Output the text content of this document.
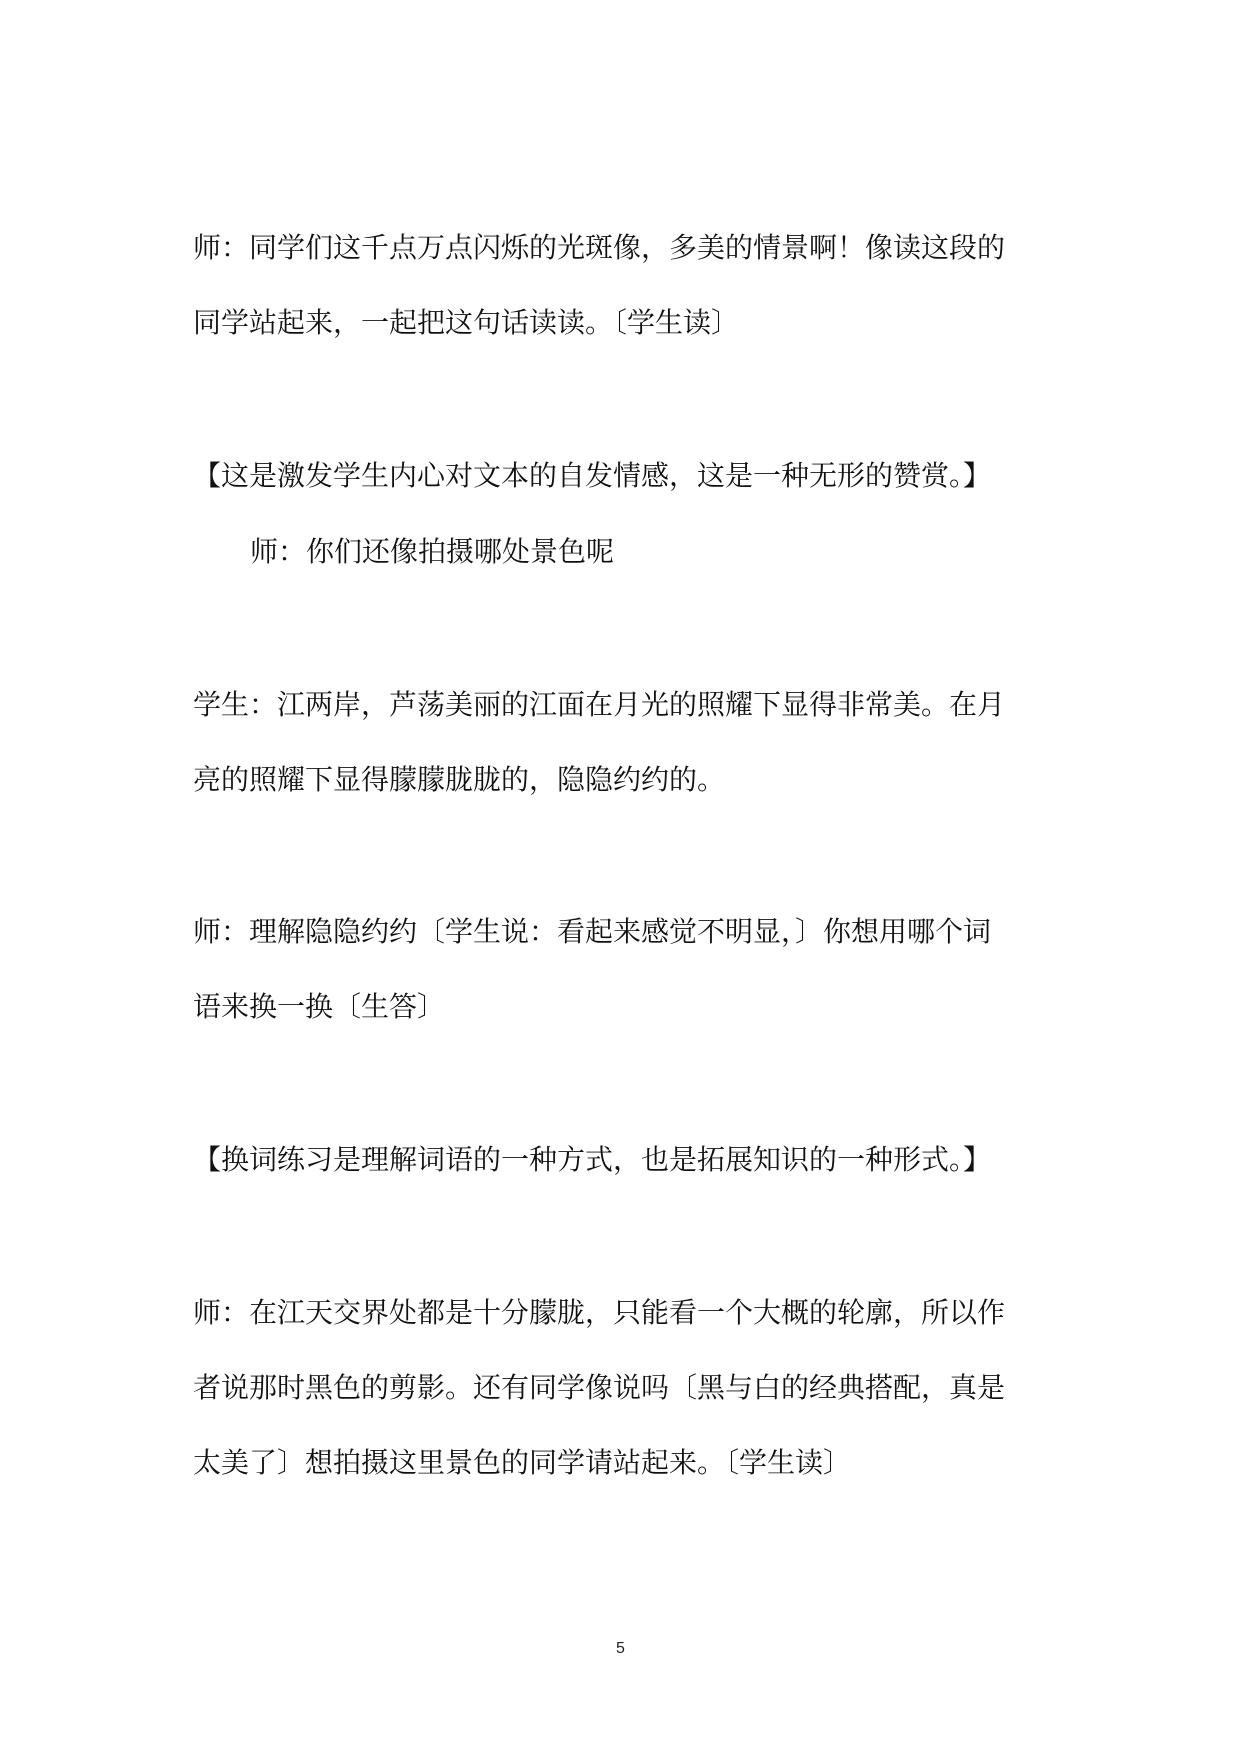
师：同学们这千点万点闪烁的光斑像，多美的情景啊！像读这段的
同学站起来，一起把这句话读读。〔学生读〕
【这是激发学生内心对文本的自发情感，这是一种无形的赞赏。】
师：你们还像拍摄哪处景色呢
学生：江两岸，芦荡美丽的江面在月光的照耀下显得非常美。在月
亮的照耀下显得朦朦胧胧的，隐隐约约的。
师：理解隐隐约约〔学生说：看起来感觉不明显，〕你想用哪个词
语来换一换〔生答〕
【换词练习是理解词语的一种方式，也是拓展知识的一种形式。】
师：在江天交界处都是十分朦胧，只能看一个大概的轮廓，所以作
者说那时黑色的剪影。还有同学像说吗〔黑与白的经典搭配，真是
太美了〕想拍摄这里景色的同学请站起来。〔学生读〕
5
